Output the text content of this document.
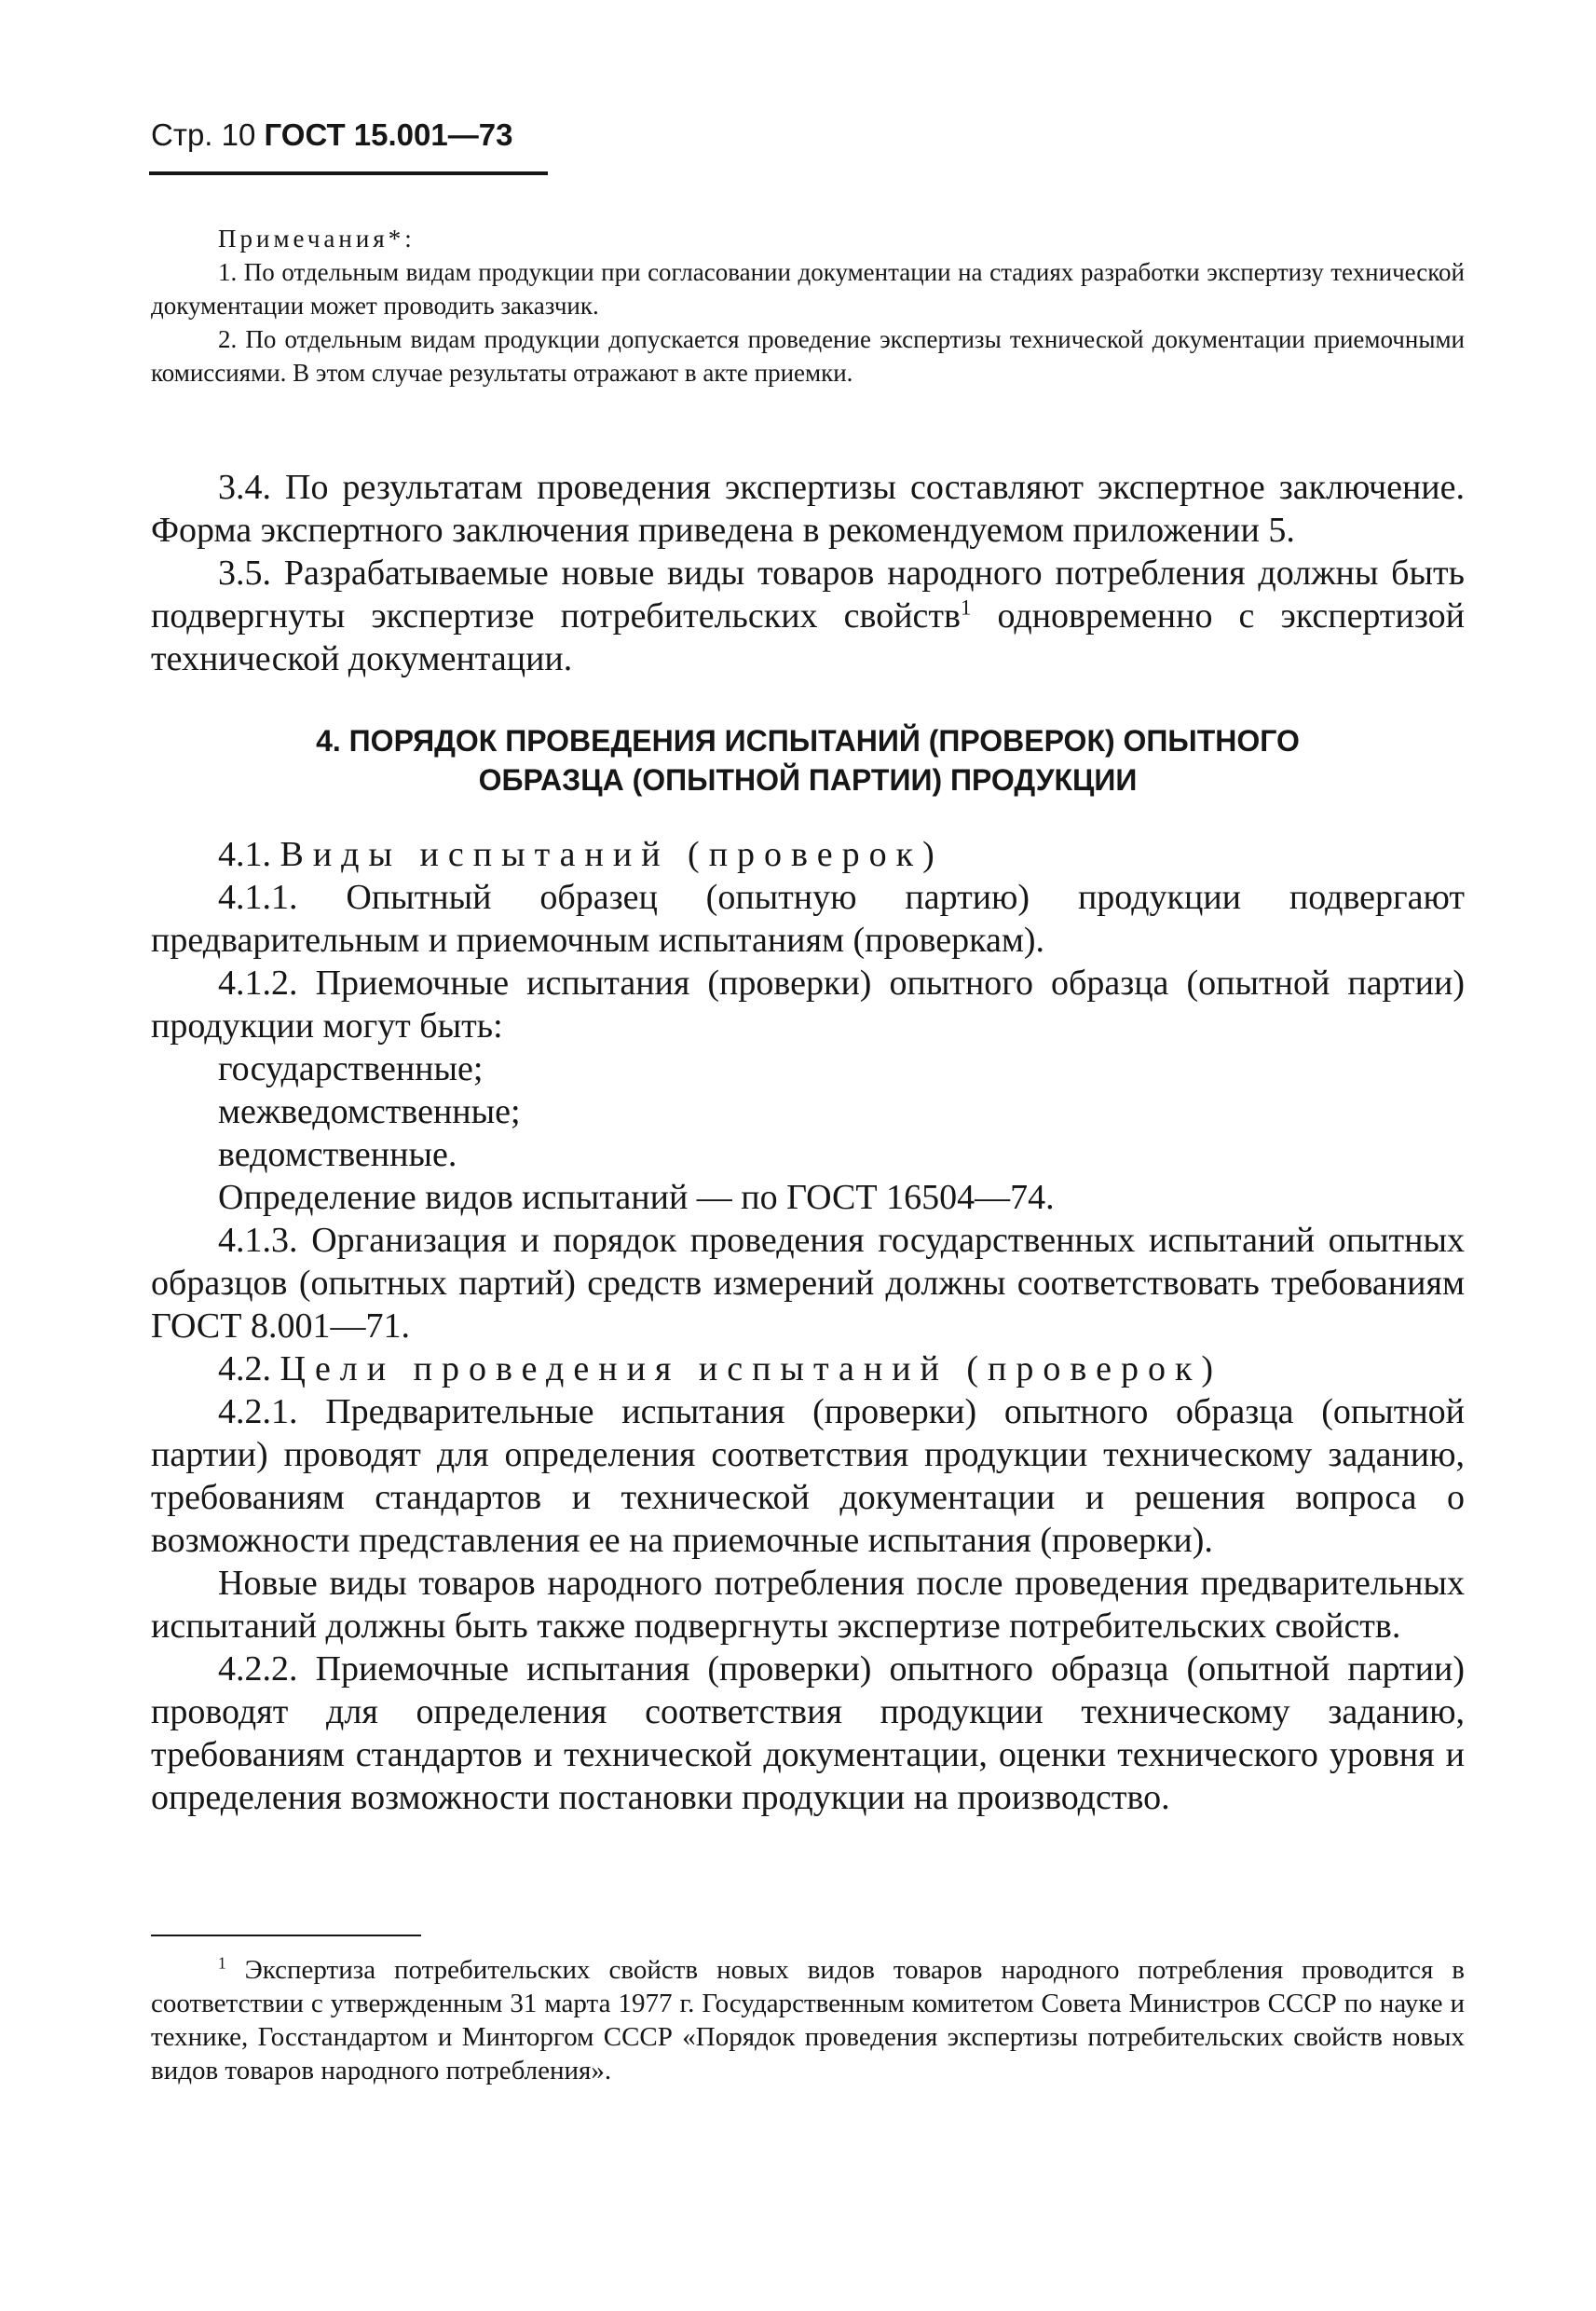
Стр. 10 ГОСТ 15.001—73
Примечания*:

1. По отдельным видам продукции при согласовании документации на стадиях разработки экспертизу технической документации может проводить заказчик.

2. По отдельным видам продукции допускается проведение экспертизы технической документации приемочными комиссиями. В этом случае результаты отражают в акте приемки.

3.4. По результатам проведения экспертизы составляют экспертное заключение. Форма экспертного заключения приведена в рекомендуемом приложении 5.

3.5. Разрабатываемые новые виды товаров народного потребления должны быть подвергнуты экспертизе потребительских свойств$^1$ одновременно с экспертизой технической документации.

4. ПОРЯДОК ПРОВЕДЕНИЯ ИСПЫТАНИЙ (ПРОВЕРОК) ОПЫТНОГО
ОБРАЗЦА (ОПЫТНОЙ ПАРТИИ) ПРОДУКЦИИ

4.1. Виды испытаний (проверок)

4.1.1. Опытный образец (опытную партию) продукции подвергают предварительным и приемочным испытаниям (проверкам).

4.1.2. Приемочные испытания (проверки) опытного образца (опытной партии) продукции могут быть:

государственные;

межведомственные;

ведомственные.

Определение видов испытаний — по ГОСТ 16504—74.

4.1.3. Организация и порядок проведения государственных испытаний опытных образцов (опытных партий) средств измерений должны соответствовать требованиям ГОСТ 8.001—71.

4.2. Цели проведения испытаний (проверок)

4.2.1. Предварительные испытания (проверки) опытного образца (опытной партии) проводят для определения соответствия продукции техническому заданию, требованиям стандартов и технической документации и решения вопроса о возможности представления ее на приемочные испытания (проверки).

Новые виды товаров народного потребления после проведения предварительных испытаний должны быть также подвергнуты экспертизе потребительских свойств.

4.2.2. Приемочные испытания (проверки) опытного образца (опытной партии) проводят для определения соответствия продукции техническому заданию, требованиям стандартов и технической документации, оценки технического уровня и определения возможности постановки продукции на производство.

$^1$ Экспертиза потребительских свойств новых видов товаров народного потребления проводится в соответствии с утвержденным 31 марта 1977 г. Государственным комитетом Совета Министров СССР по науке и технике, Госстандартом и Минторгом СССР «Порядок проведения экспертизы потребительских свойств новых видов товаров народного потребления».
